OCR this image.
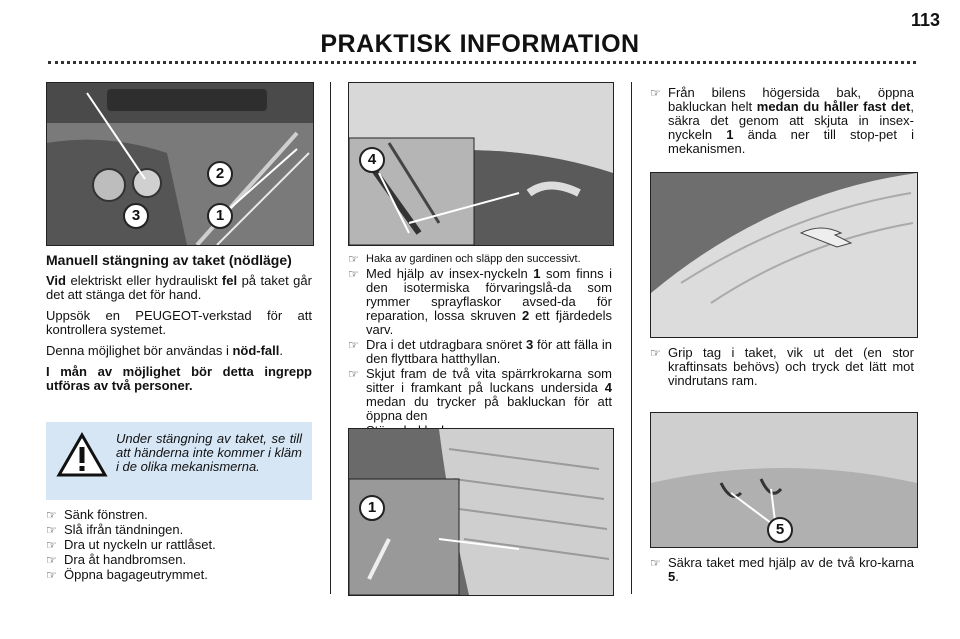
113
PRAKTISK INFORMATION
2
3	1
Manuell stängning av taket (nödläge)

Vid elektriskt eller hydrauliskt fel på taket går det att stänga det för hand.

Uppsök en PEUGEOT-verkstad för att kontrollera systemet.

Denna möjlighet bör användas i nöd-fall.

I mån av möjlighet bör detta ingrepp utföras av två personer.

Under stängning av taket, se till att händerna inte kommer i kläm i de olika mekanismerna.
☞ Sänk fönstren.
☞ Slå ifrån tändningen.
☞ Dra ut nyckeln ur rattlåset.
☞ Dra åt handbromsen.
☞ Öppna bagageutrymmet.
4
☞ Haka av gardinen och släpp den successivt.
☞ Med hjälp av insex-nyckeln 1 som finns i den isotermiska förvaringslå-da som rymmer sprayflaskor avsed-da för reparation, lossa skruven 2 ett fjärdedels varv.
☞ Dra i det utdragbara snöret 3 för att fälla in den flyttbara hatthyllan.
☞ Skjut fram de två vita spärrkrokarna som sitter i framkant på luckans undersida 4 medan du trycker på bakluckan för att öppna den
1
☞ Från bilens högersida bak, öppna bakluckan helt medan du håller fast det, säkra det genom att skjuta in insex-nyckeln 1 ända ner till stop-pet i mekanismen.
☞ Grip tag i taket, vik ut det (en stor kraftinsats behövs) och tryck det lätt mot vindrutans ram.
5
☞ Säkra taket med hjälp av de två kro-karna 5.
